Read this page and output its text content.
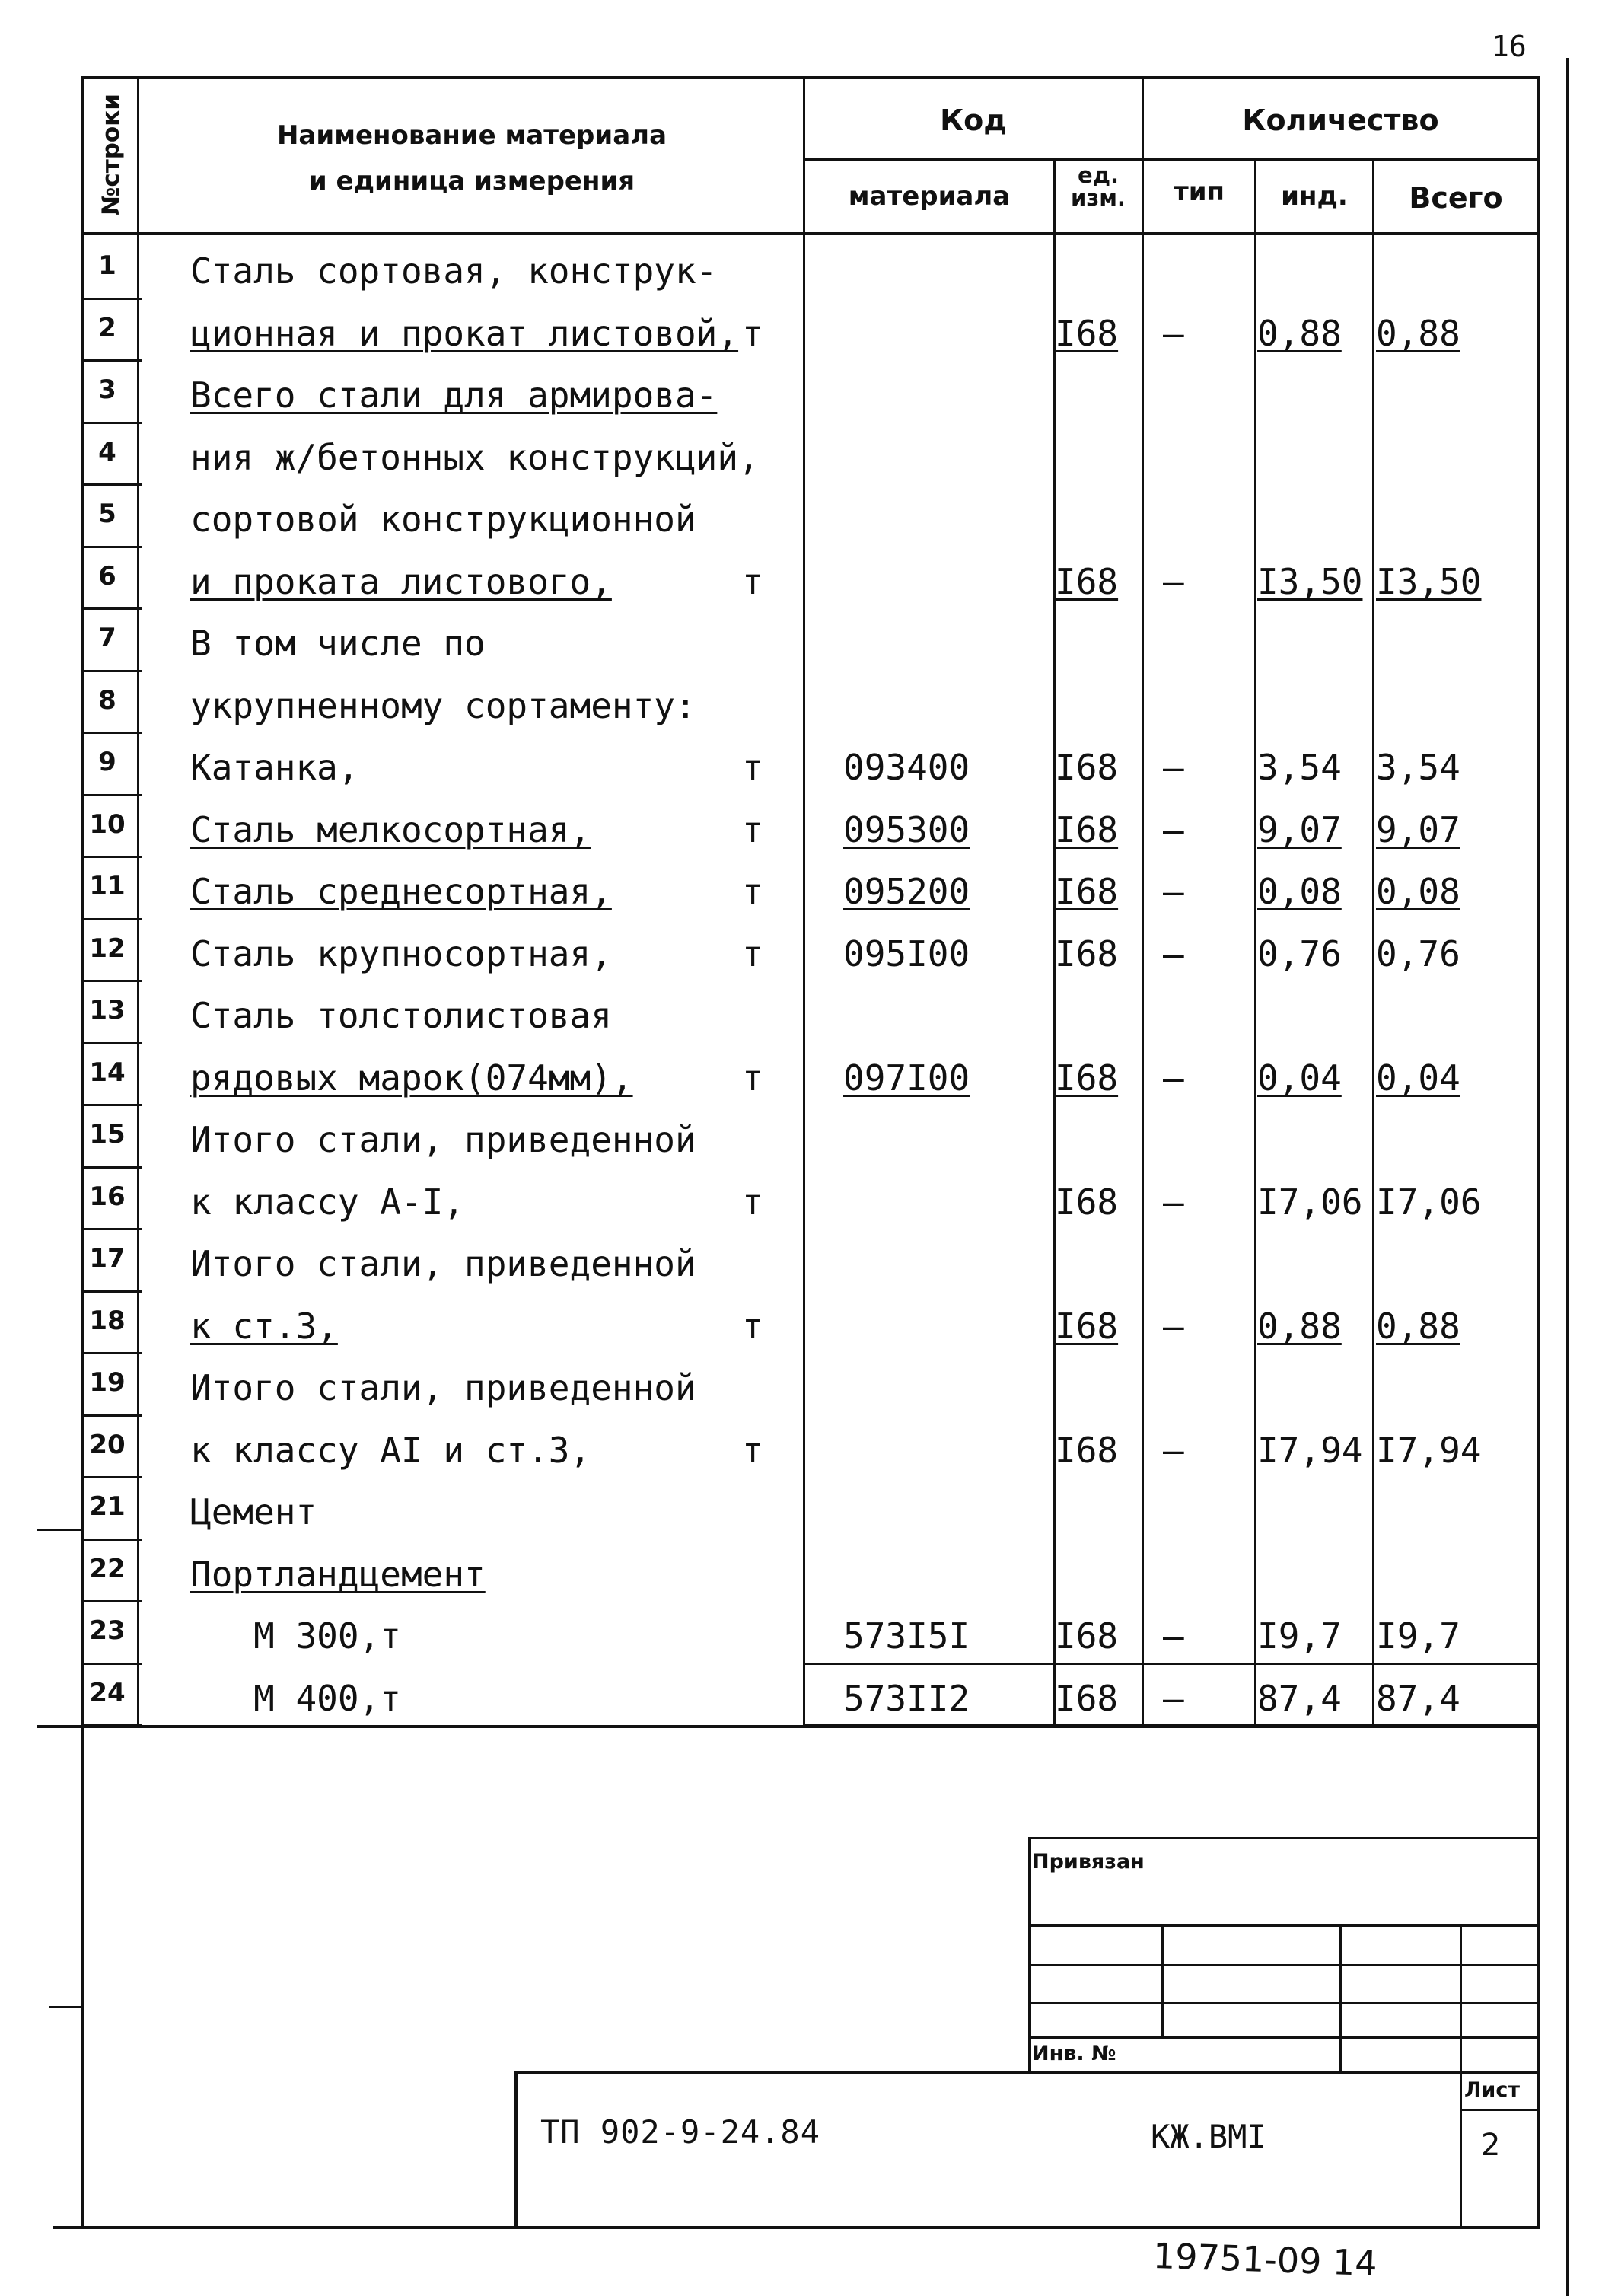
16
№строки	Наименование материала
и единица измерения
Код	Количество
материала
ед. изм.	тип	инд.	Всего
1	Сталь сортовая, конструк-
2	ционная и прокат листовой, т	I68 – 0,88 0,88
3	Всего стали для армирова-
4	ния ж/бетонных конструкций,
5	сортовой конструкционной
6	и проката листового,	т	I68 – I3,50 I3,50
7	В том числе по
8	укрупненному сортаменту:
9	Катанка,	т 093400 I68 – 3,54 3,54
10 Сталь мелкосортная,	т 095300 I68 – 9,07 9,07
11 Сталь среднесортная,	т 095200 I68 – 0,08 0,08
12 Сталь крупносортная,	т 095I00 I68 – 0,76 0,76
13 Сталь толстолистовая
14 рядовых марок(074мм),	т 097I00 I68 – 0,04 0,04
15 Итого стали, приведенной
16 к классу А-I,	т	I68 – I7,06 I7,06
17 Итого стали, приведенной
18 к ст.3,	т	I68 – 0,88 0,88
19 Итого стали, приведенной
20 к классу АI и ст.3,	т	I68 – I7,94 I7,94
21 Цемент
22 Портландцемент
23 М 300,т	573I5I I68 – I9,7 I9,7
24 М 400,т	573II2 I68 – 87,4 87,4
Привязан
Инв. №
ТП 902-9-24.84	КЖ.ВМI
Лист
2
19751-09 14
